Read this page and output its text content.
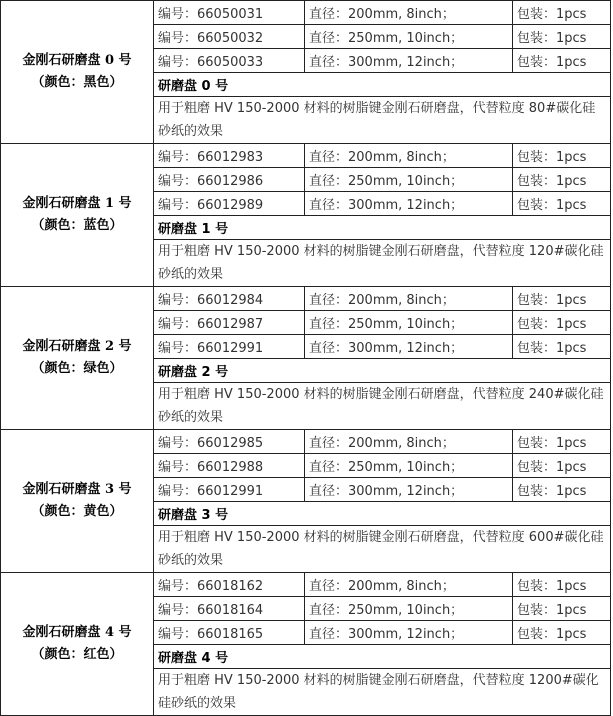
金刚石研磨盘 0 号
（颜色：黑色）	编号：66050031	直径：200mm, 8inch；	包装：1pcs
	编号：66050032	直径：250mm, 10inch；	包装：1pcs
	编号：66050033	直径：300mm, 12inch；	包装：1pcs
	研磨盘 0 号		
	用于粗磨 HV 150-2000 材料的树脂键金刚石研磨盘，代替粒度 80#碳化硅砂纸的效果		

金刚石研磨盘 1 号
（颜色：蓝色）	编号：66012983	直径：200mm, 8inch；	包装：1pcs
	编号：66012986	直径：250mm, 10inch；	包装：1pcs
	编号：66012989	直径：300mm, 12inch；	包装：1pcs
	研磨盘 1 号		
	用于粗磨 HV 150-2000 材料的树脂键金刚石研磨盘，代替粒度 120#碳化硅砂纸的效果		

金刚石研磨盘 2 号
（颜色：绿色）	编号：66012984	直径：200mm, 8inch；	包装：1pcs
	编号：66012987	直径：250mm, 10inch；	包装：1pcs
	编号：66012991	直径：300mm, 12inch；	包装：1pcs
	研磨盘 2 号		
	用于粗磨 HV 150-2000 材料的树脂键金刚石研磨盘，代替粒度 240#碳化硅砂纸的效果		

金刚石研磨盘 3 号
（颜色：黄色）	编号：66012985	直径：200mm, 8inch；	包装：1pcs
	编号：66012988	直径：250mm, 10inch；	包装：1pcs
	编号：66012991	直径：300mm, 12inch；	包装：1pcs
	研磨盘 3 号		
	用于粗磨 HV 150-2000 材料的树脂键金刚石研磨盘，代替粒度 600#碳化硅砂纸的效果		

金刚石研磨盘 4 号
（颜色：红色）	编号：66018162	直径：200mm, 8inch；	包装：1pcs
	编号：66018164	直径：250mm, 10inch；	包装：1pcs
	编号：66018165	直径：300mm, 12inch；	包装：1pcs
	研磨盘 4 号		
	用于粗磨 HV 150-2000 材料的树脂键金刚石研磨盘，代替粒度 1200#碳化硅砂纸的效果		
